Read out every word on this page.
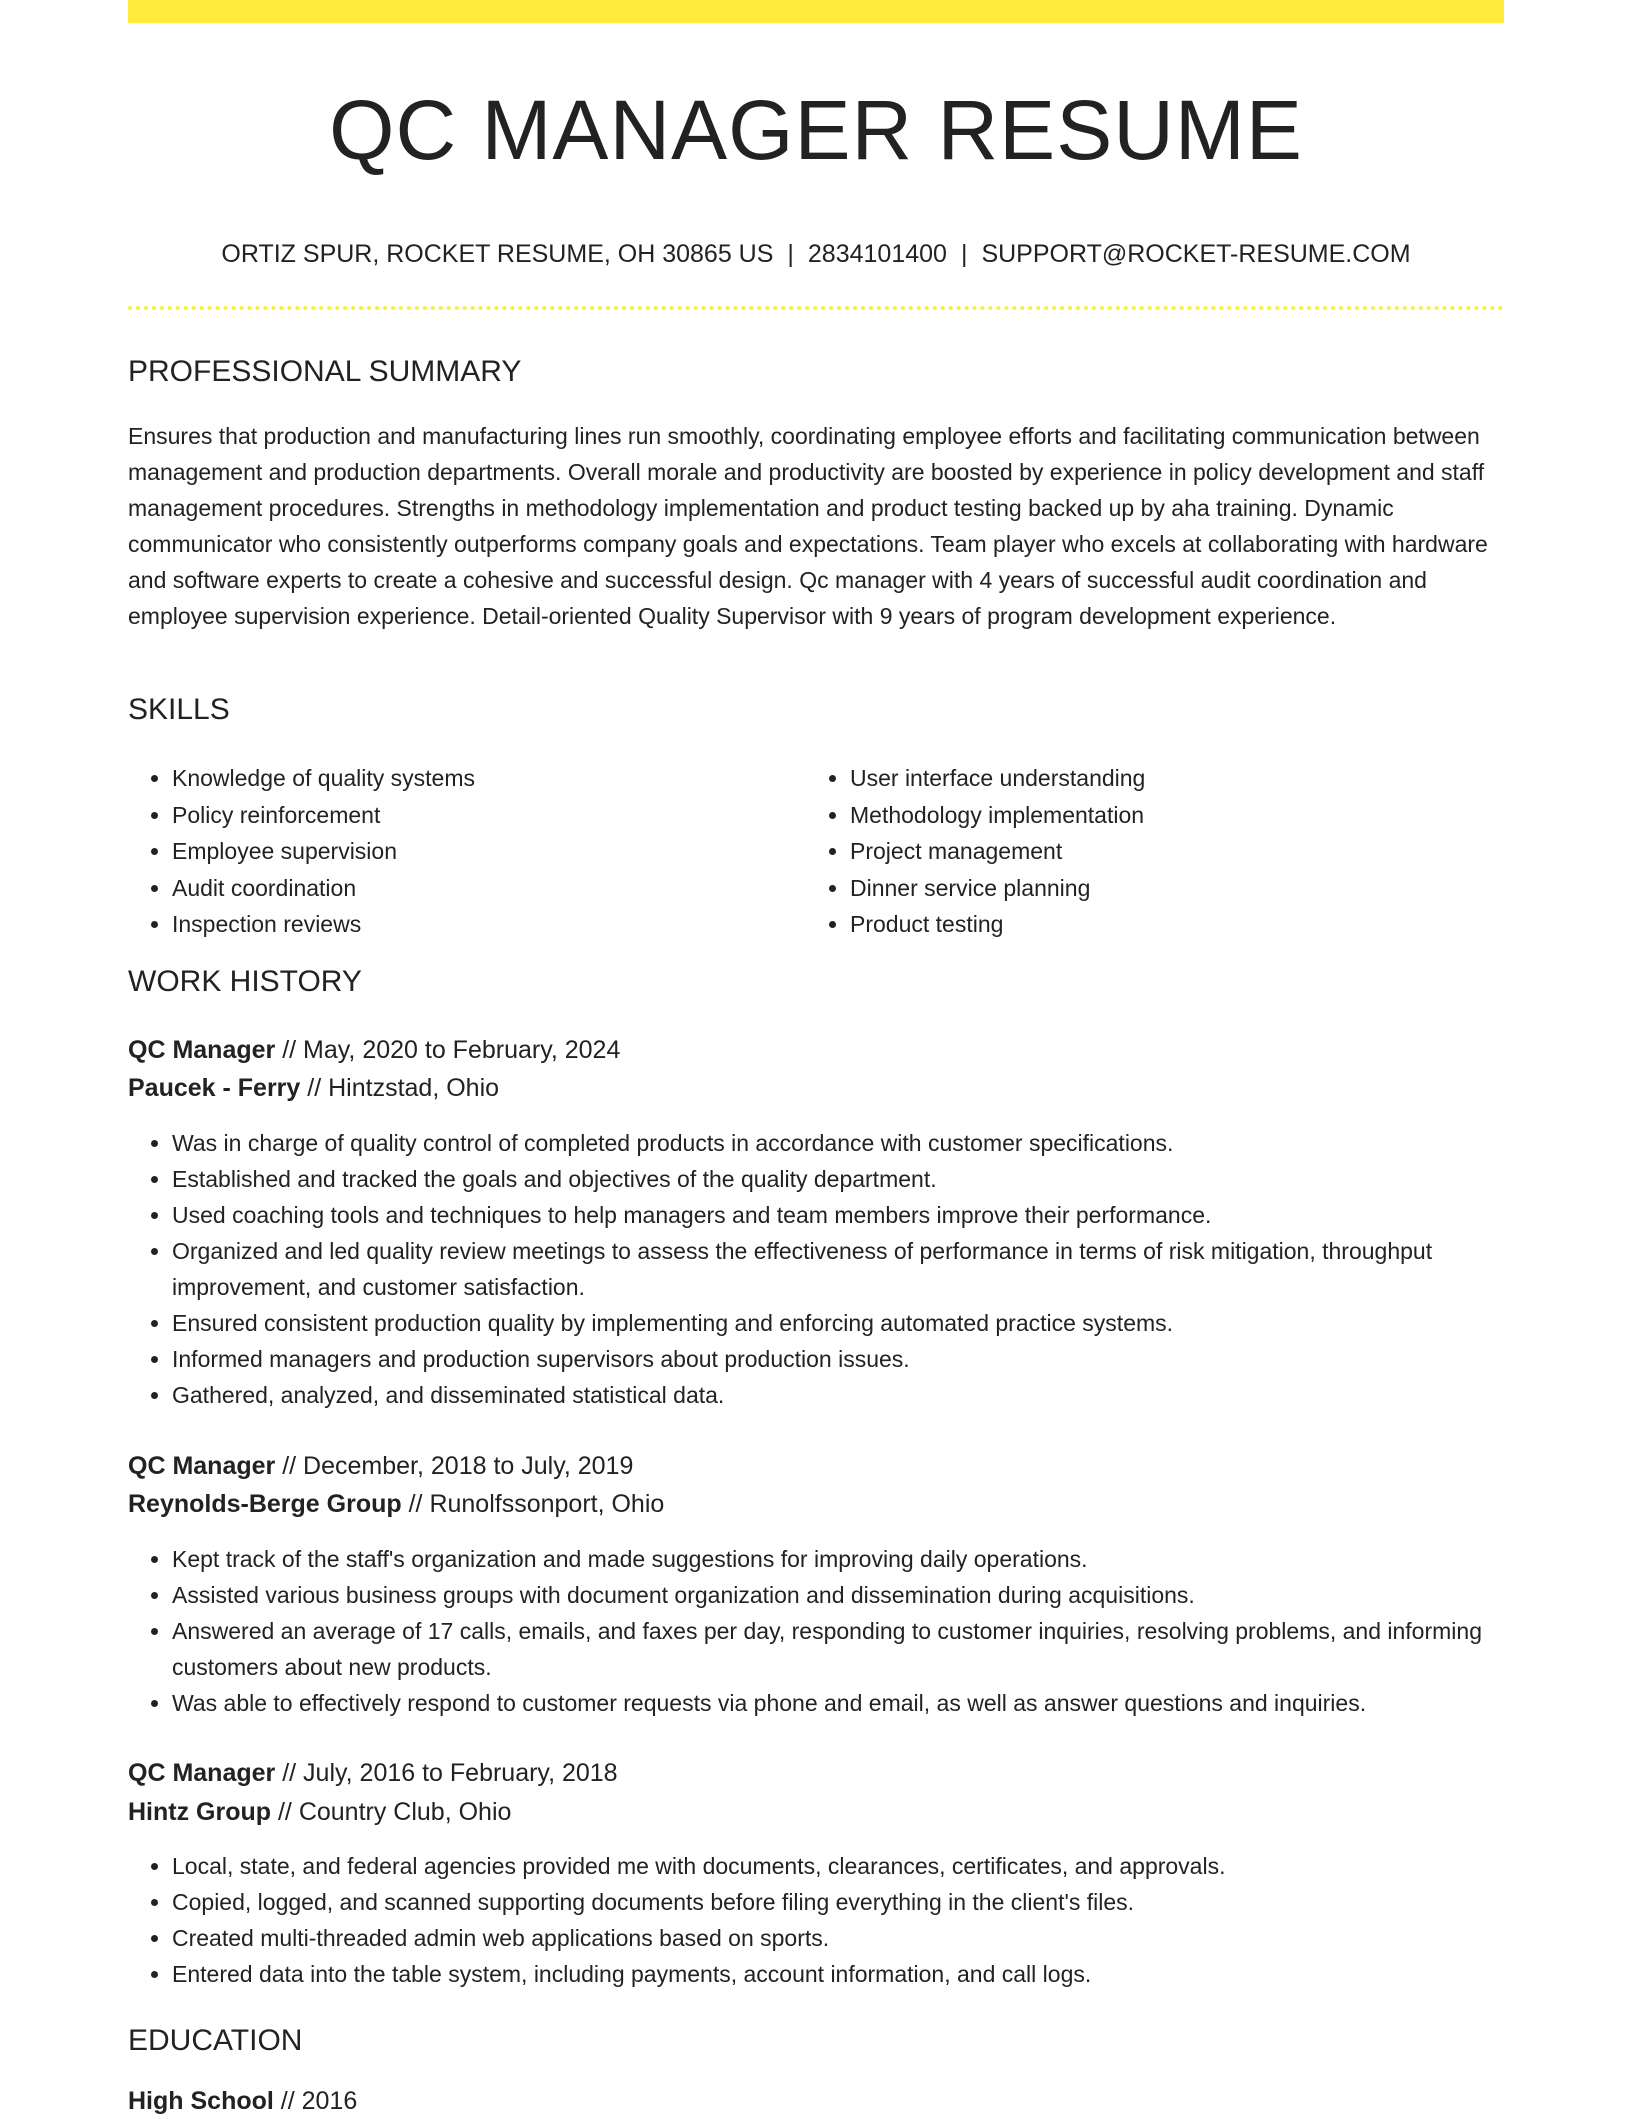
QC MANAGER RESUME
ORTIZ SPUR, ROCKET RESUME, OH 30865 US | 2834101400 | SUPPORT@ROCKET-RESUME.COM
PROFESSIONAL SUMMARY

Ensures that production and manufacturing lines run smoothly, coordinating employee efforts and facilitating communication between management and production departments. Overall morale and productivity are boosted by experience in policy development and staff management procedures. Strengths in methodology implementation and product testing backed up by aha training. Dynamic communicator who consistently outperforms company goals and expectations. Team player who excels at collaborating with hardware and software experts to create a cohesive and successful design. Qc manager with 4 years of successful audit coordination and employee supervision experience. Detail-oriented Quality Supervisor with 9 years of program development experience.

SKILLS
• Knowledge of quality systems
• Policy reinforcement
• Employee supervision
• Audit coordination
• Inspection reviews
• User interface understanding
• Methodology implementation
• Project management
• Dinner service planning
• Product testing
WORK HISTORY
QC Manager // May, 2020 to February, 2024
Paucek - Ferry // Hintzstad, Ohio
• Was in charge of quality control of completed products in accordance with customer specifications.
• Established and tracked the goals and objectives of the quality department.
• Used coaching tools and techniques to help managers and team members improve their performance.
• Organized and led quality review meetings to assess the effectiveness of performance in terms of risk mitigation, throughput improvement, and customer satisfaction.
• Ensured consistent production quality by implementing and enforcing automated practice systems.
• Informed managers and production supervisors about production issues.
• Gathered, analyzed, and disseminated statistical data.
QC Manager // December, 2018 to July, 2019
Reynolds-Berge Group // Runolfssonport, Ohio
• Kept track of the staff's organization and made suggestions for improving daily operations.
• Assisted various business groups with document organization and dissemination during acquisitions.
• Answered an average of 17 calls, emails, and faxes per day, responding to customer inquiries, resolving problems, and informing customers about new products.
• Was able to effectively respond to customer requests via phone and email, as well as answer questions and inquiries.
QC Manager // July, 2016 to February, 2018
Hintz Group // Country Club, Ohio
• Local, state, and federal agencies provided me with documents, clearances, certificates, and approvals.
• Copied, logged, and scanned supporting documents before filing everything in the client's files.
• Created multi-threaded admin web applications based on sports.
• Entered data into the table system, including payments, account information, and call logs.
EDUCATION
High School // 2016
